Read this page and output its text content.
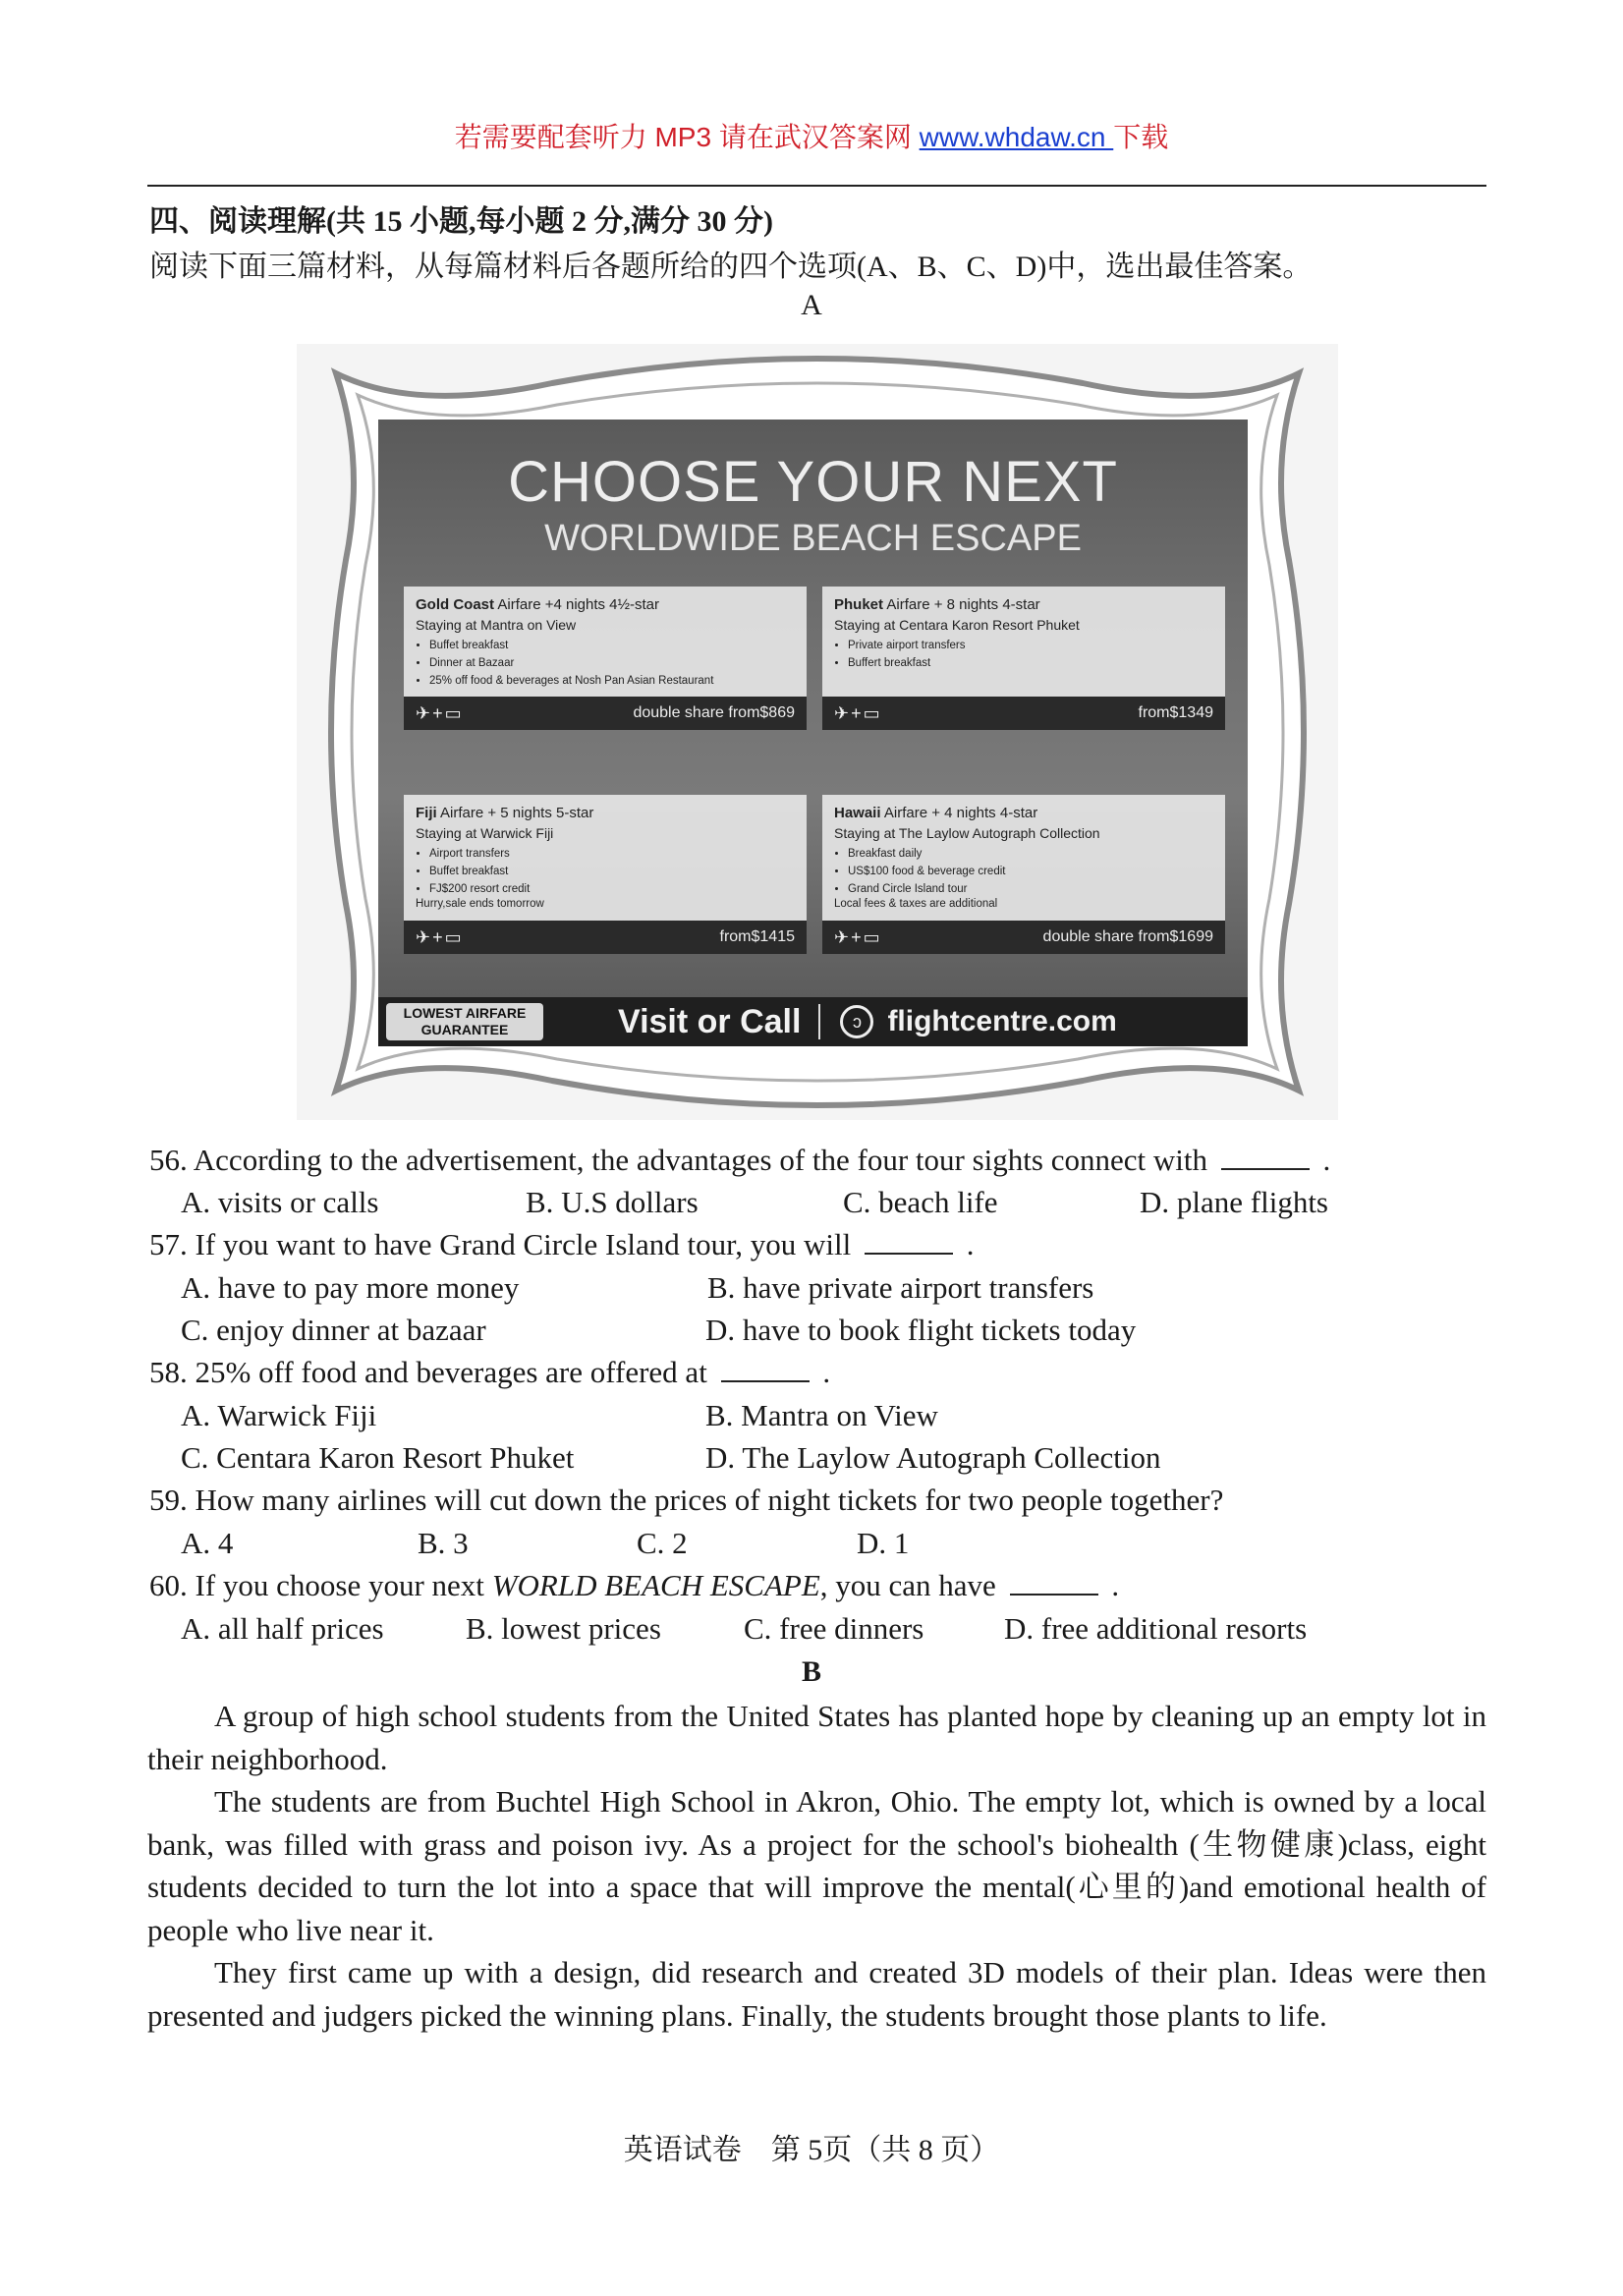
若需要配套听力 MP3 请在武汉答案网 www.whdaw.cn 下载
四、阅读理解(共 15 小题,每小题 2 分,满分 30 分)
阅读下面三篇材料，从每篇材料后各题所给的四个选项(A、B、C、D)中，选出最佳答案。
A
CHOOSE YOUR NEXT
WORLDWIDE BEACH ESCAPE
Gold Coast Airfare +4 nights 4½-star
Staying at Mantra on View
• Buffet breakfast
• Dinner at Bazaar
• 25% off food & beverages at Nosh Pan Asian Restaurant
✈+▭	double share from$869
Phuket Airfare + 8 nights 4-star
Staying at Centara Karon Resort Phuket
• Private airport transfers
• Buffert breakfast
✈+▭	from$1349
Fiji Airfare + 5 nights 5-star
Staying at Warwick Fiji
• Airport transfers
• Buffet breakfast
• FJ$200 resort credit
Hurry,sale ends tomorrow
✈+▭	from$1415
Hawaii Airfare + 4 nights 4-star
Staying at The Laylow Autograph Collection
• Breakfast daily
• US$100 food & beverage credit
• Grand Circle Island tour
Local fees & taxes are additional
✈+▭	double share from$1699
LOWEST AIRFARE
GUARANTEE	Visit or Call	ↄ flightcentre.com
56. According to the advertisement, the advantages of the four tour sights connect with	.
A. visits or calls	B. U.S dollars	C. beach life	D. plane flights
57. If you want to have Grand Circle Island tour, you will	.
A. have to pay more money	B. have private airport transfers
C. enjoy dinner at bazaar	D. have to book flight tickets today
58. 25% off food and beverages are offered at	.
A. Warwick Fiji	B. Mantra on View
C. Centara Karon Resort Phuket	D. The Laylow Autograph Collection
59. How many airlines will cut down the prices of night tickets for two people together?
A. 4	B. 3	C. 2	D. 1
60. If you choose your next WORLD BEACH ESCAPE, you can have	.
A. all half prices	B. lowest prices	C. free dinners	D. free additional resorts
B
A group of high school students from the United States has planted hope by cleaning up an empty lot in their neighborhood.
The students are from Buchtel High School in Akron, Ohio. The empty lot, which is owned by a local bank, was filled with grass and poison ivy. As a project for the school's biohealth (生物健康)class, eight students decided to turn the lot into a space that will improve the mental(心里的)and emotional health of people who live near it.
They first came up with a design, did research and created 3D models of their plan. Ideas were then presented and judgers picked the winning plans. Finally, the students brought those plants to life.
英语试卷　第 5页（共 8 页）
